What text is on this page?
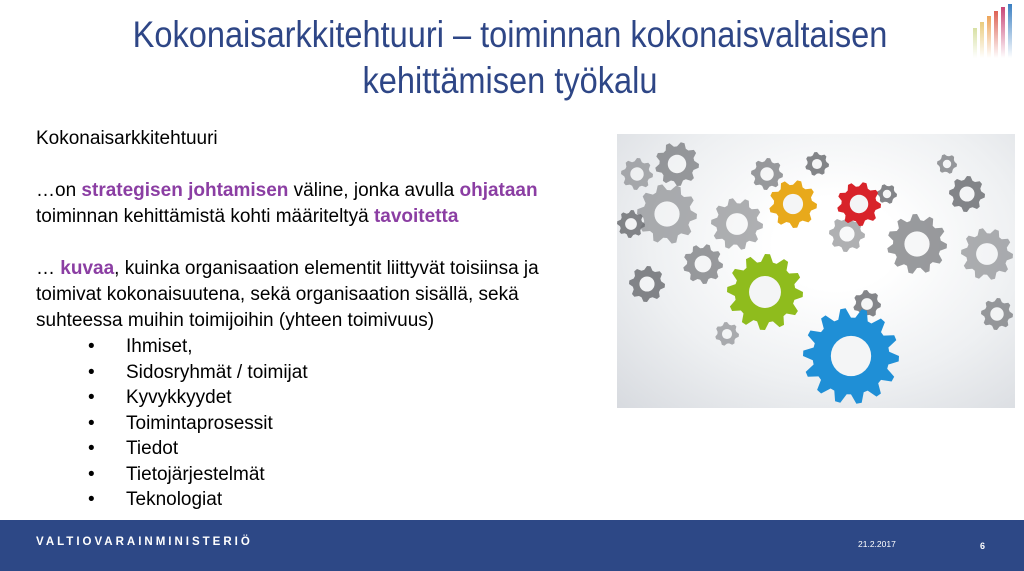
Kokonaisarkkitehtuuri – toiminnan kokonaisvaltaisen
kehittämisen työkalu

Kokonaisarkkitehtuuri

…on strategisen johtamisen väline, jonka avulla ohjataan

toiminnan kehittämistä kohti määriteltyä tavoitetta

… kuvaa, kuinka organisaation elementit liittyvät toisiinsa ja

toimivat kokonaisuutena, sekä organisaation sisällä, sekä

suhteessa muihin toimijoihin (yhteen toimivuus)

• Ihmiset,
• Sidosryhmät / toimijat
• Kyvykkyydet
• Toimintaprosessit
• Tiedot
• Tietojärjestelmät
• Teknologiat
VALTIOVARAINMINISTERIÖ	21.2.2017	6
